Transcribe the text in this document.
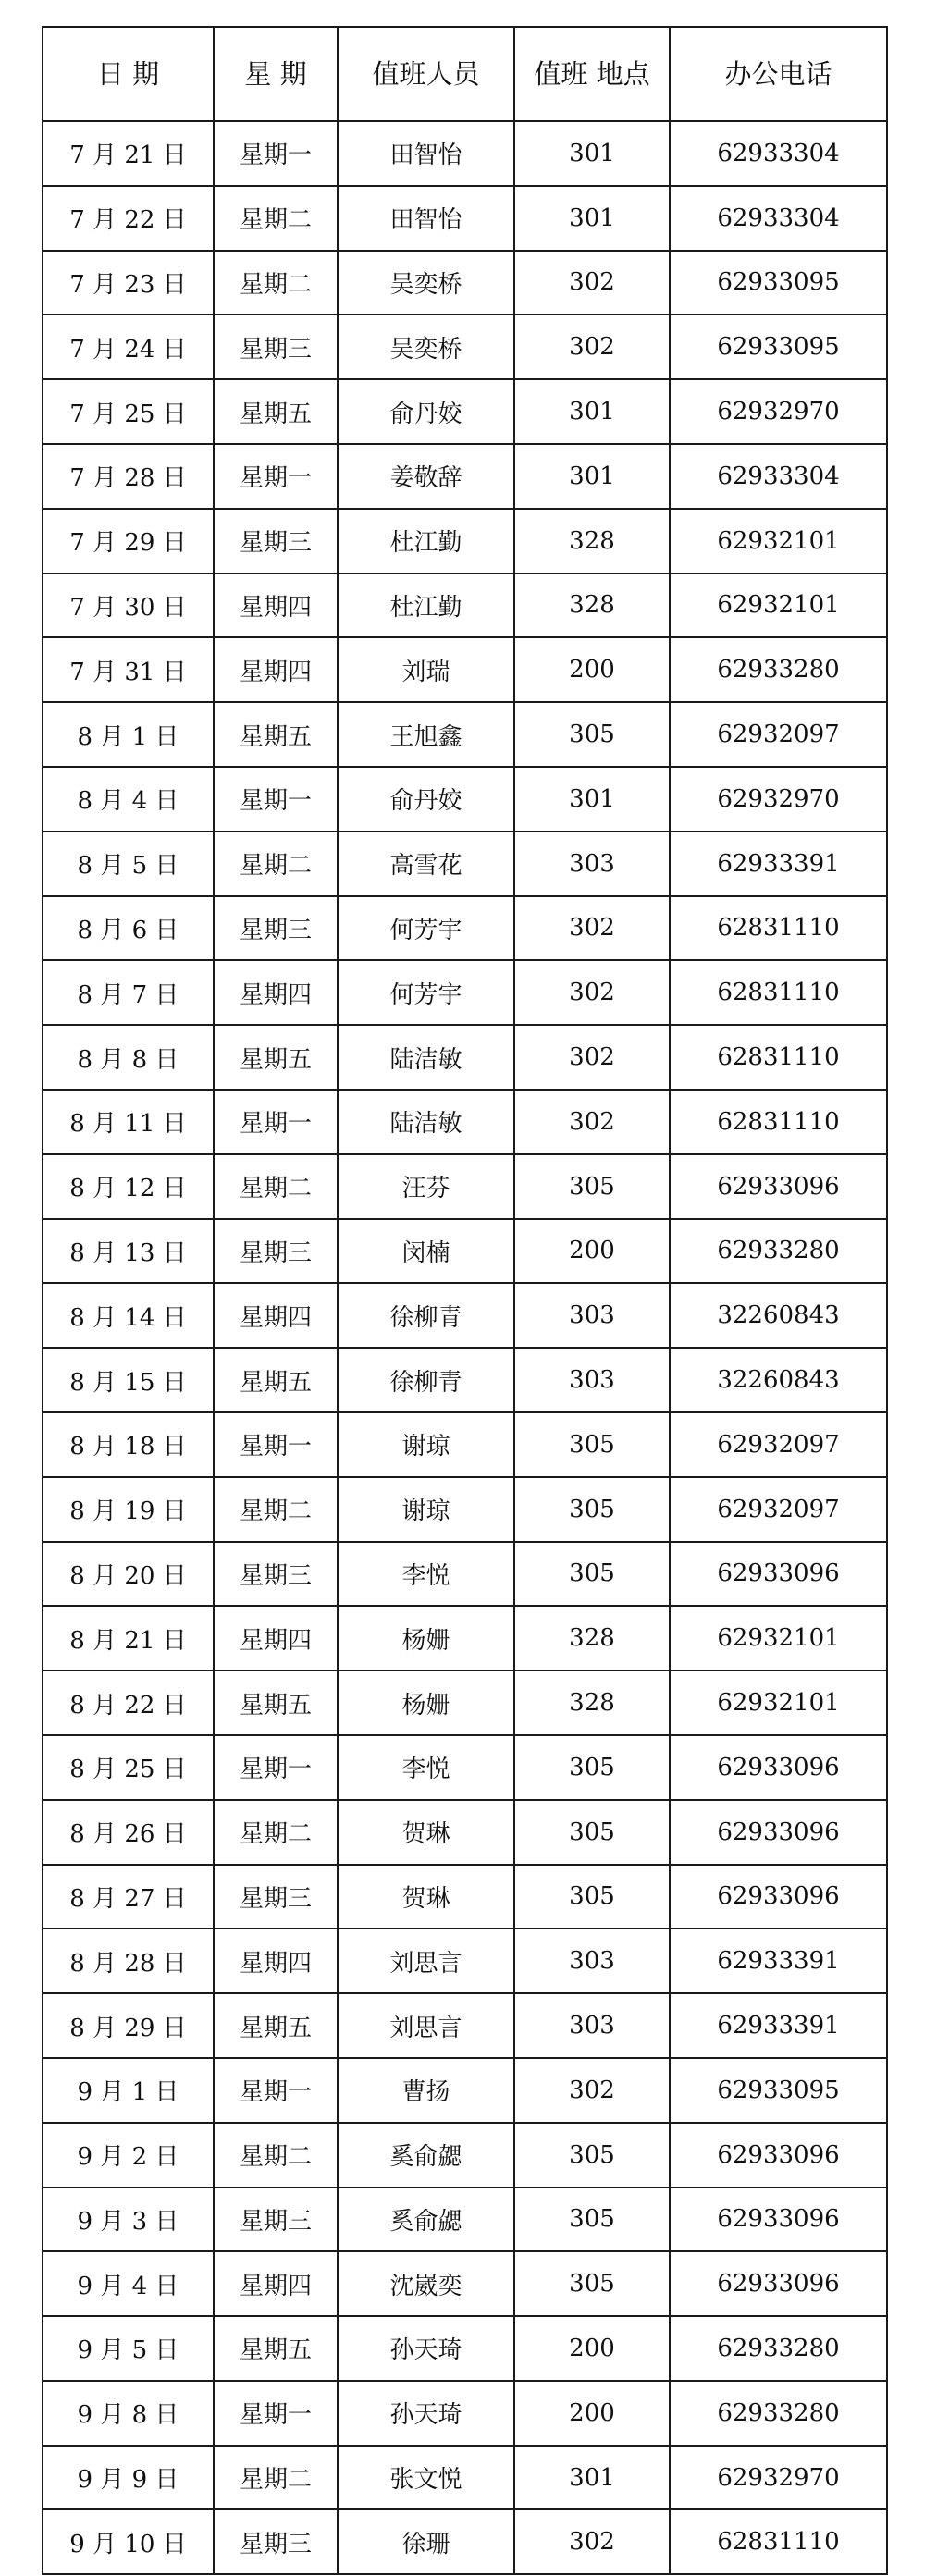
日 期	星 期	值班人员	值班 地点	办公电话
7 月 21 日	星期一	田智怡	301	62933304
7 月 22 日	星期二	田智怡	301	62933304
7 月 23 日	星期二	吴奕桥	302	62933095
7 月 24 日	星期三	吴奕桥	302	62933095
7 月 25 日	星期五	俞丹姣	301	62932970
7 月 28 日	星期一	姜敬辞	301	62933304
7 月 29 日	星期三	杜江勤	328	62932101
7 月 30 日	星期四	杜江勤	328	62932101
7 月 31 日	星期四	刘瑞	200	62933280
8 月 1 日	星期五	王旭鑫	305	62932097
8 月 4 日	星期一	俞丹姣	301	62932970
8 月 5 日	星期二	高雪花	303	62933391
8 月 6 日	星期三	何芳宇	302	62831110
8 月 7 日	星期四	何芳宇	302	62831110
8 月 8 日	星期五	陆洁敏	302	62831110
8 月 11 日	星期一	陆洁敏	302	62831110
8 月 12 日	星期二	汪芬	305	62933096
8 月 13 日	星期三	闵楠	200	62933280
8 月 14 日	星期四	徐柳青	303	32260843
8 月 15 日	星期五	徐柳青	303	32260843
8 月 18 日	星期一	谢琼	305	62932097
8 月 19 日	星期二	谢琼	305	62932097
8 月 20 日	星期三	李悦	305	62933096
8 月 21 日	星期四	杨姗	328	62932101
8 月 22 日	星期五	杨姗	328	62932101
8 月 25 日	星期一	李悦	305	62933096
8 月 26 日	星期二	贺琳	305	62933096
8 月 27 日	星期三	贺琳	305	62933096
8 月 28 日	星期四	刘思言	303	62933391
8 月 29 日	星期五	刘思言	303	62933391
9 月 1 日	星期一	曹扬	302	62933095
9 月 2 日	星期二	奚俞勰	305	62933096
9 月 3 日	星期三	奚俞勰	305	62933096
9 月 4 日	星期四	沈崴奕	305	62933096
9 月 5 日	星期五	孙天琦	200	62933280
9 月 8 日	星期一	孙天琦	200	62933280
9 月 9 日	星期二	张文悦	301	62932970
9 月 10 日	星期三	徐珊	302	62831110
